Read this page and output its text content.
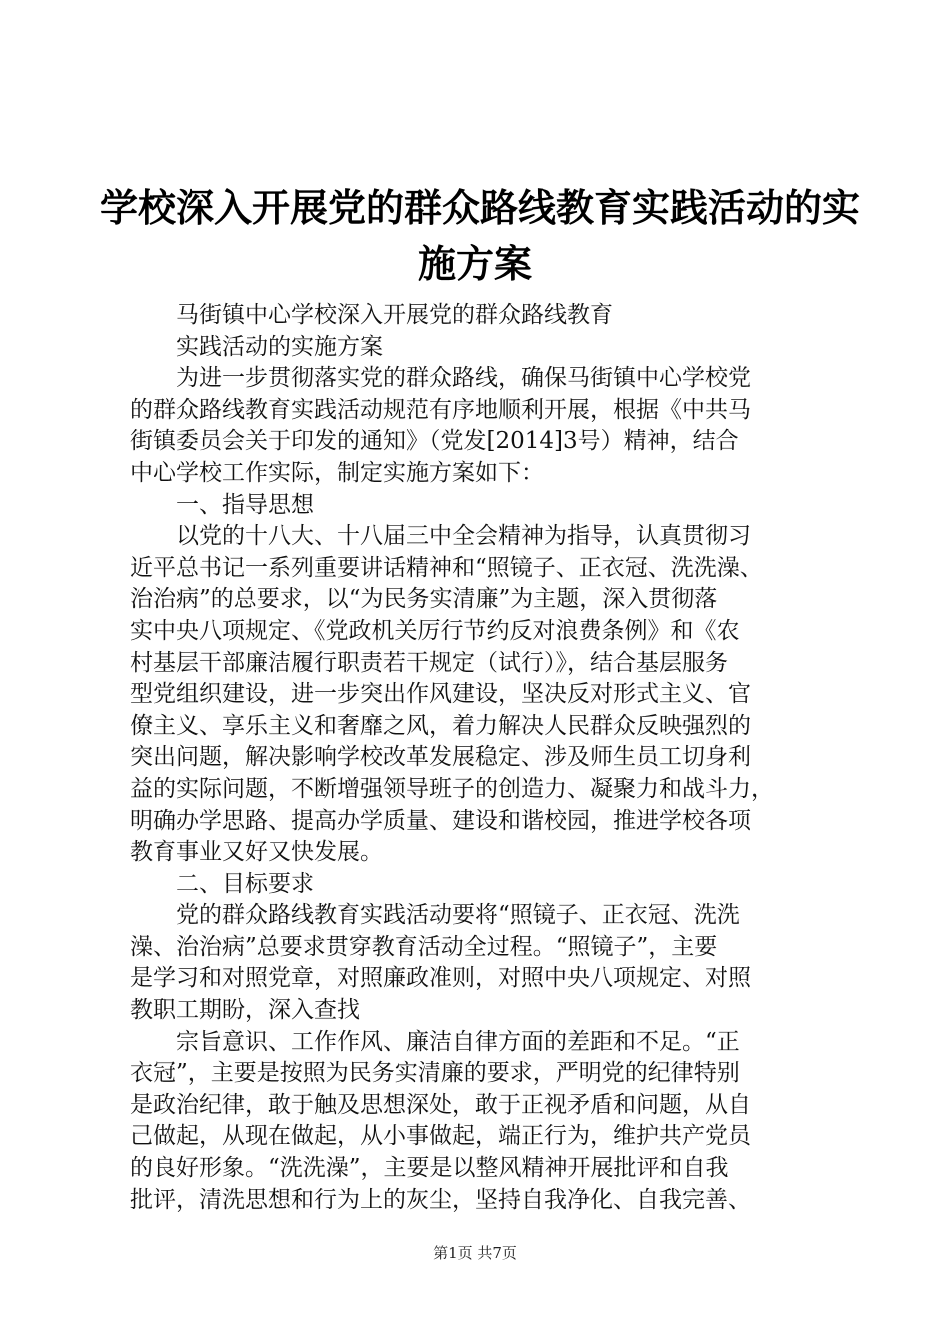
学校深入开展党的群众路线教育实践活动的实
施方案
马街镇中心学校深入开展党的群众路线教育
实践活动的实施方案
为进一步贯彻落实党的群众路线，确保马街镇中心学校党
的群众路线教育实践活动规范有序地顺利开展，根据《中共马
街镇委员会关于印发的通知》（党发[2014]3号）精神，结合
中心学校工作实际，制定实施方案如下：
一、指导思想
以党的十八大、十八届三中全会精神为指导，认真贯彻习
近平总书记一系列重要讲话精神和“照镜子、正衣冠、洗洗澡、
治治病”的总要求，以“为民务实清廉”为主题，深入贯彻落
实中央八项规定、《党政机关厉行节约反对浪费条例》和《农
村基层干部廉洁履行职责若干规定（试行）》，结合基层服务
型党组织建设，进一步突出作风建设，坚决反对形式主义、官
僚主义、享乐主义和奢靡之风，着力解决人民群众反映强烈的
突出问题，解决影响学校改革发展稳定、涉及师生员工切身利
益的实际问题，不断增强领导班子的创造力、凝聚力和战斗力，
明确办学思路、提高办学质量、建设和谐校园，推进学校各项
教育事业又好又快发展。
二、目标要求
党的群众路线教育实践活动要将“照镜子、正衣冠、洗洗
澡、治治病”总要求贯穿教育活动全过程。“照镜子”，主要
是学习和对照党章，对照廉政准则，对照中央八项规定、对照
教职工期盼，深入查找
宗旨意识、工作作风、廉洁自律方面的差距和不足。“正
衣冠”，主要是按照为民务实清廉的要求，严明党的纪律特别
是政治纪律，敢于触及思想深处，敢于正视矛盾和问题，从自
己做起，从现在做起，从小事做起，端正行为，维护共产党员
的良好形象。“洗洗澡”，主要是以整风精神开展批评和自我
批评，清洗思想和行为上的灰尘，坚持自我净化、自我完善、
第1页 共7页
